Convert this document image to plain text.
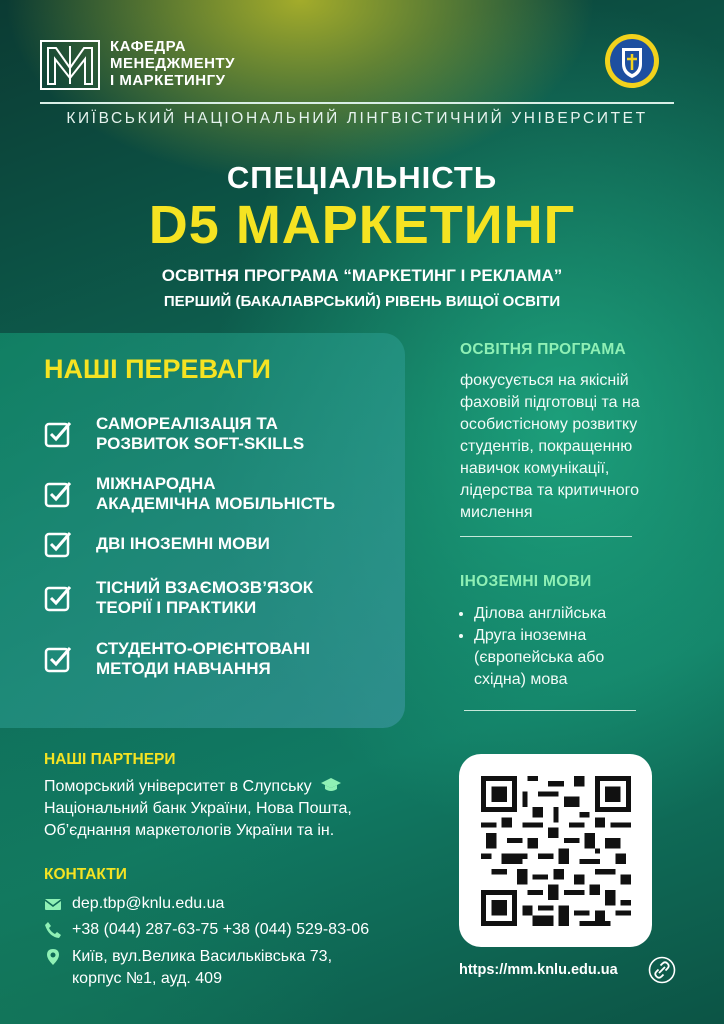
КАФЕДРА
МЕНЕДЖМЕНТУ
І МАРКЕТИНГУ
КИЇВСЬКИЙ НАЦІОНАЛЬНИЙ ЛІНГВІСТИЧНИЙ УНІВЕРСИТЕТ
СПЕЦІАЛЬНІСТЬ
D5 МАРКЕТИНГ
ОСВІТНЯ ПРОГРАМА “МАРКЕТИНГ І РЕКЛАМА”
ПЕРШИЙ (БАКАЛАВРСЬКИЙ) РІВЕНЬ ВИЩОЇ ОСВІТИ
НАШІ ПЕРЕВАГИ
САМОРЕАЛІЗАЦІЯ ТА
РОЗВИТОК SOFT-SKILLS
МІЖНАРОДНА
АКАДЕМІЧНА МОБІЛЬНІСТЬ
ДВІ ІНОЗЕМНІ МОВИ
ТІСНИЙ ВЗАЄМОЗВ’ЯЗОК
ТЕОРІЇ І ПРАКТИКИ
СТУДЕНТО-ОРІЄНТОВАНІ
МЕТОДИ НАВЧАННЯ
ОСВІТНЯ ПРОГРАМА
фокусується на якісній
фаховій підготовці та на
особистісному розвитку
студентів, покращенню
навичок комунікації,
лідерства та критичного
мислення
ІНОЗЕМНІ МОВИ
• Ділова англійська
• Друга іноземна
(європейська або
східна) мова
НАШІ ПАРТНЕРИ
Поморський університет в Слупську
Національний банк України, Нова Пошта,
Об’єднання маркетологів України та ін.
КОНТАКТИ
dep.tbp@knlu.edu.ua
+38 (044) 287-63-75 +38 (044) 529-83-06
Київ, вул.Велика Васильківська 73,
корпус №1, ауд. 409	https://mm.knlu.edu.ua
